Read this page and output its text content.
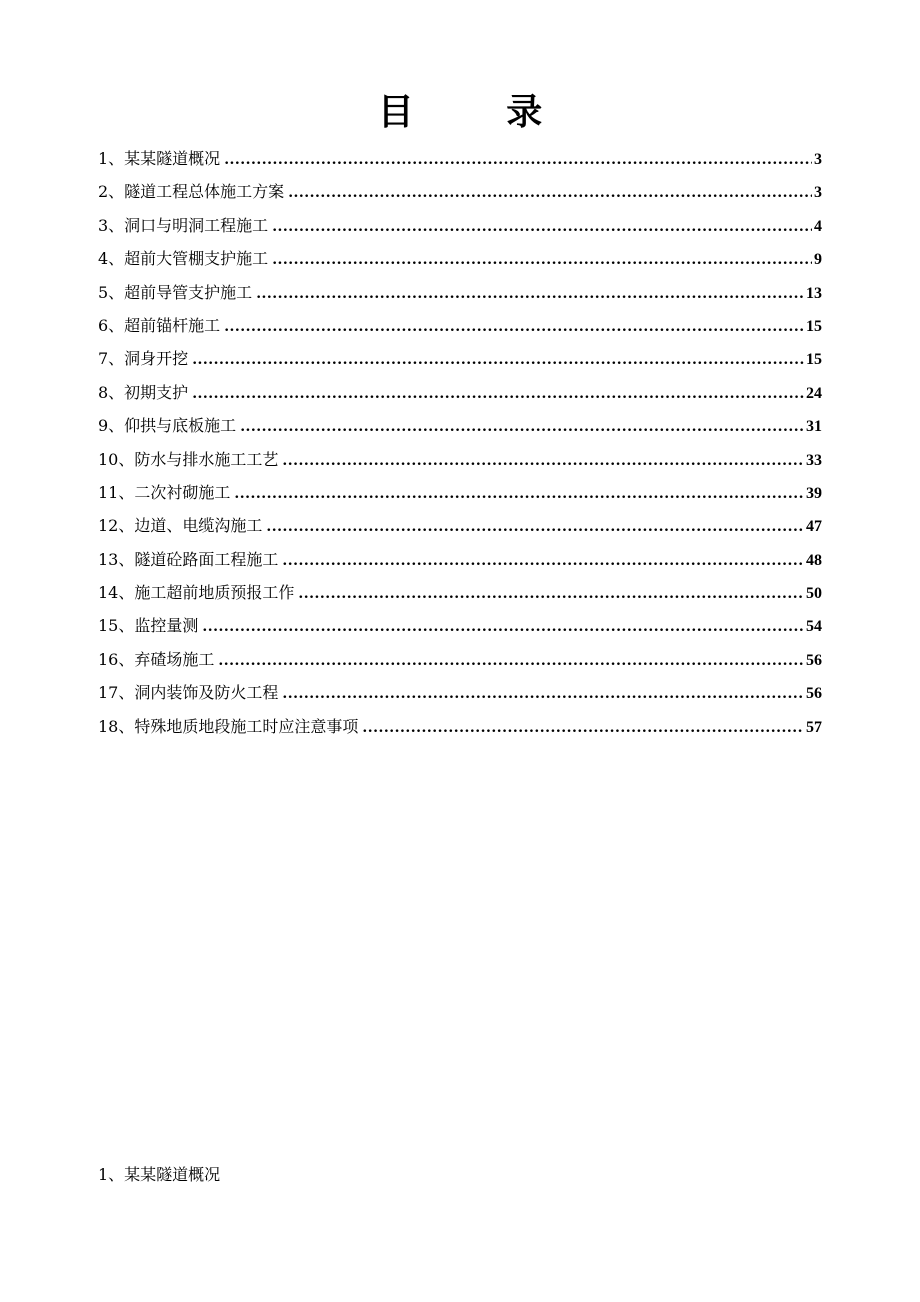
目 录
1、某某隧道概况 .....	3
2、隧道工程总体施工方案 .....	3
3、洞口与明洞工程施工 .....	4
4、超前大管棚支护施工 .....	9
5、超前导管支护施工 .....	13
6、超前锚杆施工 .....	15
7、洞身开挖 .....	15
8、初期支护 .....	24
9、仰拱与底板施工 .....	31
10、防水与排水施工工艺 .....	33
11、二次衬砌施工 .....	39
12、边道、电缆沟施工 .....	47
13、隧道砼路面工程施工 .....	48
14、施工超前地质预报工作 .....	50
15、监控量测 .....	54
16、弃碴场施工 .....	56
17、洞内装饰及防火工程 .....	56
18、特殊地质地段施工时应注意事项 .....	57
1、某某隧道概况
